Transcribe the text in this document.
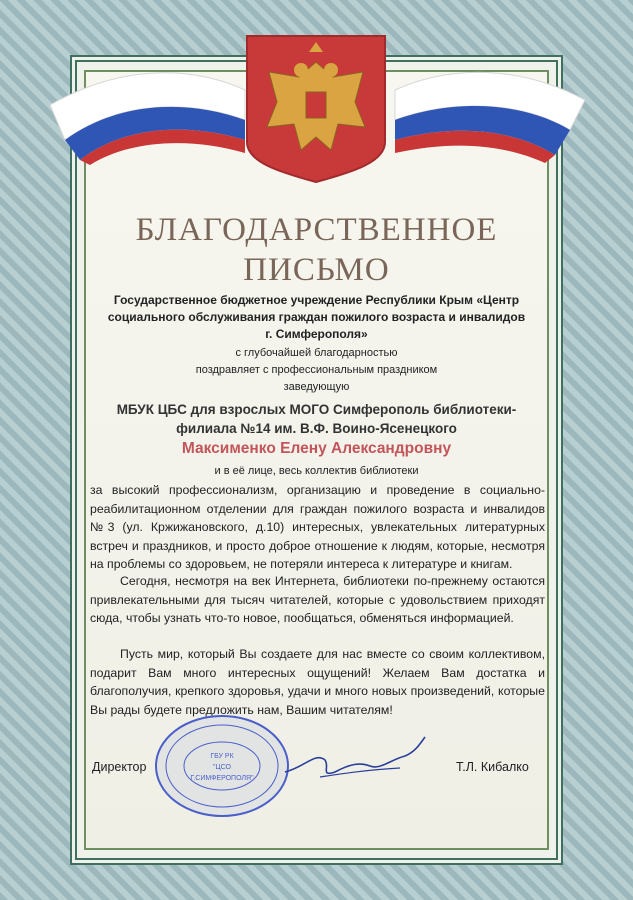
БЛАГОДАРСТВЕННОЕ
ПИСЬМО
Государственное бюджетное учреждение Республики Крым «Центр
социального обслуживания граждан пожилого возраста и инвалидов
г. Симферополя»
с глубочайшей благодарностью
поздравляет с профессиональным праздником
заведующую
МБУК ЦБС для взрослых МОГО Симферополь библиотеки-
филиала №14 им. В.Ф. Воино-Ясенецкого
Максименко Елену Александровну
и в её лице, весь коллектив библиотеки
за высокий профессионализм, организацию и проведение в социально-реабилитационном отделении для граждан пожилого возраста и инвалидов №3 (ул. Кржижановского, д.10) интересных, увлекательных литературных встреч и праздников, и просто доброе отношение к людям, которые, несмотря на проблемы со здоровьем, не потеряли интереса к литературе и книгам.
Сегодня, несмотря на век Интернета, библиотеки по-прежнему остаются привлекательными для тысяч читателей, которые с удовольствием приходят сюда, чтобы узнать что-то новое, пообщаться, обменяться информацией.
Пусть мир, который Вы создаете для нас вместе со своим коллективом, подарит Вам много интересных ощущений! Желаем Вам достатка и благополучия, крепкого здоровья, удачи и много новых произведений, которые Вы рады будете предложить нам, Вашим читателям!
ГБУ РК
"ЦСО
Г.СИМФЕРОПОЛЯ"
Директор	Т.Л. Кибалко
